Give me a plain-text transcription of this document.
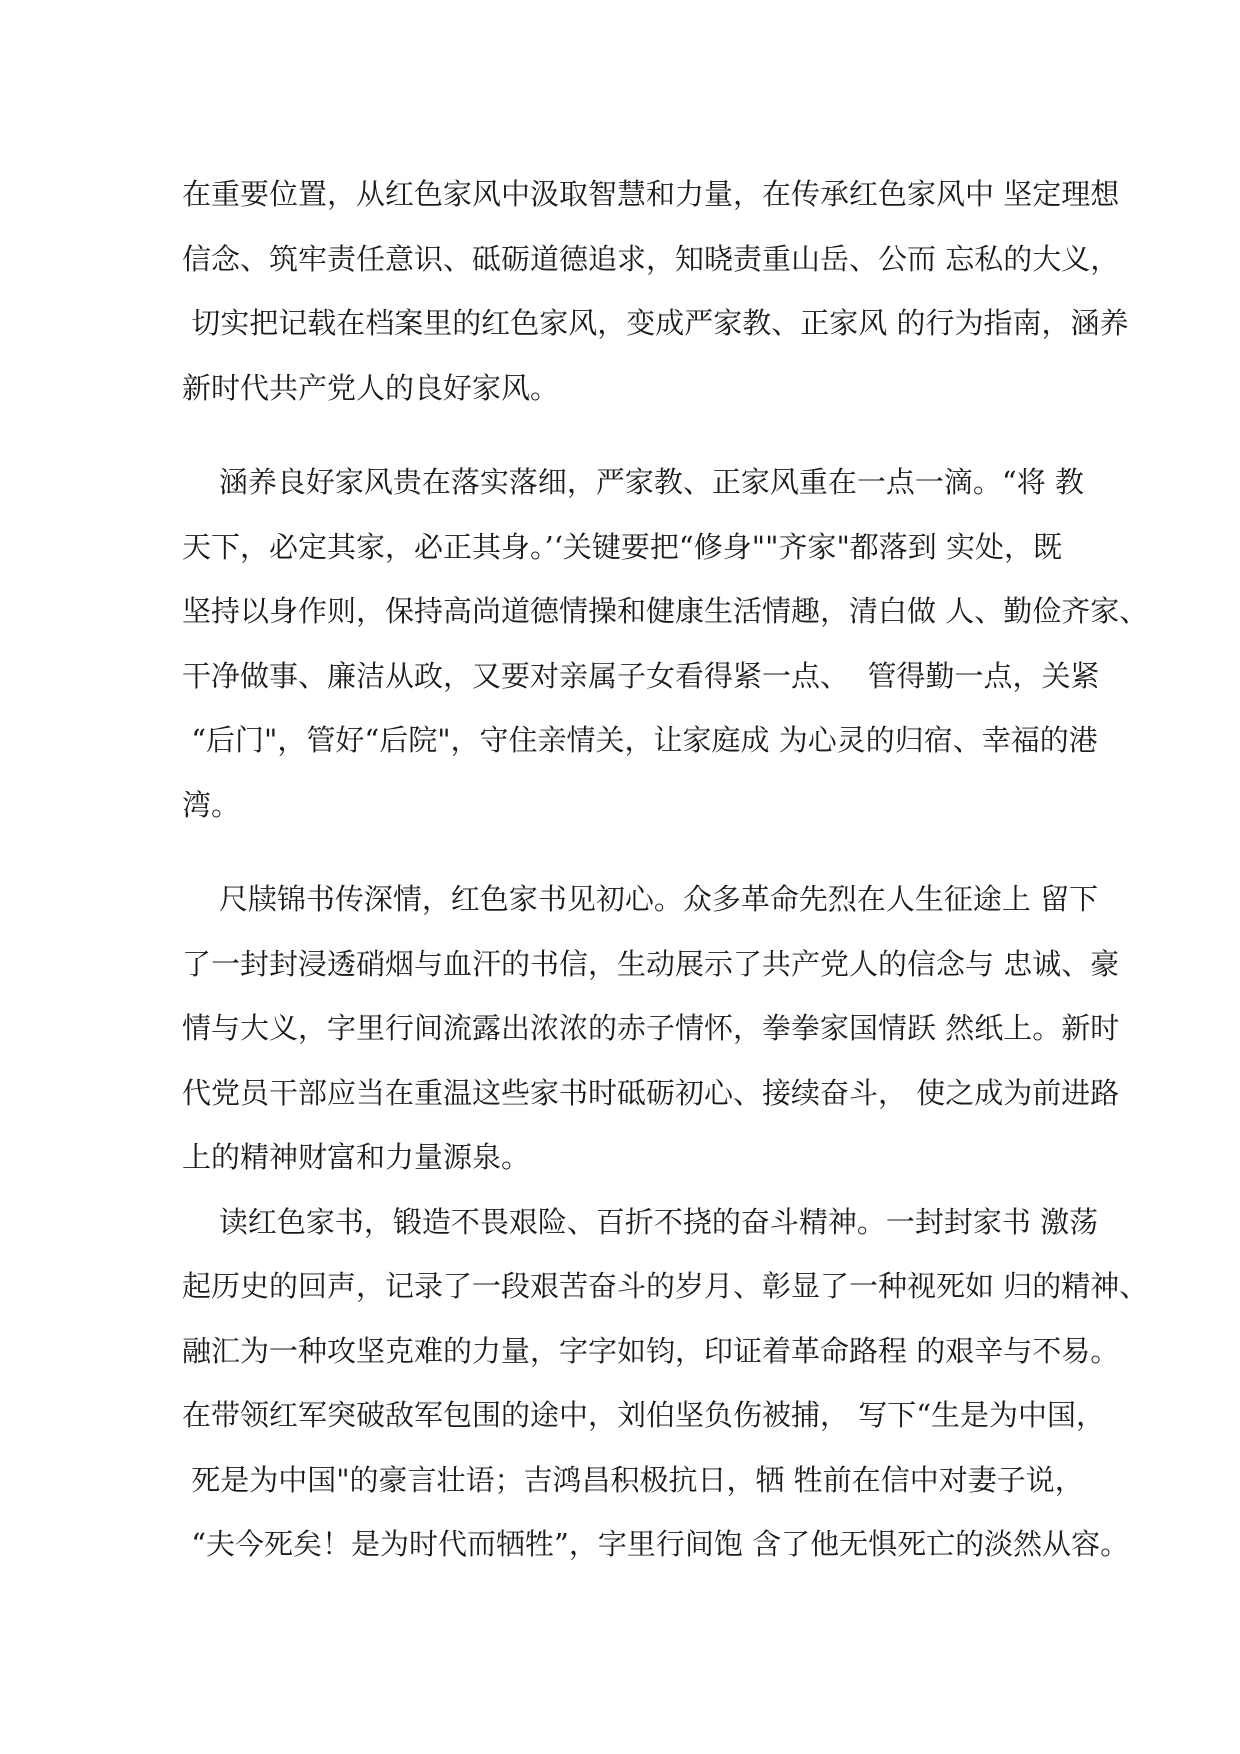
在重要位置，从红色家风中汲取智慧和力量，在传承红色家风中 坚定理想
信念、筑牢责任意识、砥砺道德追求，知晓责重山岳、公而 忘私的大义，
切实把记载在档案里的红色家风，变成严家教、正家风 的行为指南，涵养
新时代共产党人的良好家风。
涵养良好家风贵在落实落细，严家教、正家风重在一点一滴。“将 教
天下，必定其家，必正其身。’‘关键要把“修身""齐家"都落到 实处，既
坚持以身作则，保持高尚道德情操和健康生活情趣，清白做 人、勤俭齐家、
干净做事、廉洁从政，又要对亲属子女看得紧一点、  管得勤一点，关紧
“后门"，管好“后院"，守住亲情关，让家庭成 为心灵的归宿、幸福的港
湾。
尺牍锦书传深情，红色家书见初心。众多革命先烈在人生征途上 留下
了一封封浸透硝烟与血汗的书信，生动展示了共产党人的信念与 忠诚、豪
情与大义，字里行间流露出浓浓的赤子情怀，拳拳家国情跃 然纸上。新时
代党员干部应当在重温这些家书时砥砺初心、接续奋斗， 使之成为前进路
上的精神财富和力量源泉。
读红色家书，锻造不畏艰险、百折不挠的奋斗精神。一封封家书 激荡
起历史的回声，记录了一段艰苦奋斗的岁月、彰显了一种视死如 归的精神、
融汇为一种攻坚克难的力量，字字如钧，印证着革命路程 的艰辛与不易。
在带领红军突破敌军包围的途中，刘伯坚负伤被捕， 写下“生是为中国，
死是为中国"的豪言壮语；吉鸿昌积极抗日，牺 牲前在信中对妻子说，
“夫今死矣！是为时代而牺牲”，字里行间饱 含了他无惧死亡的淡然从容。
